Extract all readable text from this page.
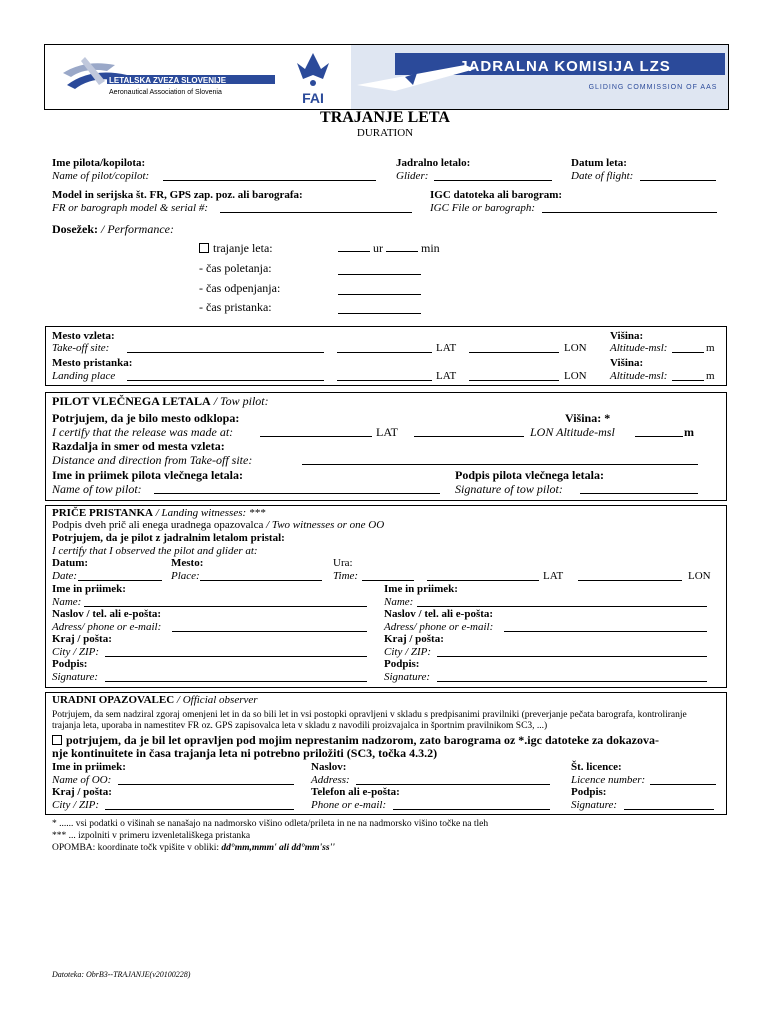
LETALSKA ZVEZA SLOVENIJE
Aeronautical Association of Slovenia	FAI
JADRALNA KOMISIJA LZS
GLIDING COMMISSION OF AAS
TRAJANJE LETA
DURATION
Ime pilota/kopilota:
Name of pilot/copilot:
Jadralno letalo:
Glider:
Datum leta:
Date of flight:
Model in serijska št. FR, GPS zap. poz. ali barografa:
FR or barograph model & serial #:
IGC datoteka ali barogram:
IGC File or barograph:
Dosežek: / Performance:
trajanje leta:	ur	min
- čas poletanja:
- čas odpenjanja:
- čas pristanka:
Mesto vzleta:
Take-off site:	LAT	LON
Višina:
Altitude-msl:	m
Mesto pristanka:
Landing place	LAT	LON
Višina:
Altitude-msl:	m
PILOT VLEČNEGA LETALA / Tow pilot:
Potrjujem, da je bilo mesto odklopa:	Višina: *
I certify that the release was made at:	LAT	LON Altitude-msl	m
Razdalja in smer od mesta vzleta:
Distance and direction from Take-off site:
Ime in priimek pilota vlečnega letala:	Podpis pilota vlečnega letala:
Name of tow pilot:	Signature of tow pilot:
PRIČE PRISTANKA / Landing witnesses: ***
Podpis dveh prič ali enega uradnega opazovalca / Two witnesses or one OO
Potrjujem, da je pilot z jadralnim letalom pristal:
I certify that I observed the pilot and glider at:
Datum:	Mesto:	Ura:
Date:	Place:	Time:	LAT	LON
Ime in priimek:
Name:
Naslov / tel. ali e-pošta:
Adress/ phone or e-mail:
Kraj / pošta:
City / ZIP:
Podpis:
Signature:
Ime in priimek:
Name:
Naslov / tel. ali e-pošta:
Adress/ phone or e-mail:
Kraj / pošta:
City / ZIP:
Podpis:
Signature:
URADNI OPAZOVALEC / Official observer
Potrjujem, da sem nadziral zgoraj omenjeni let in da so bili let in vsi postopki opravljeni v skladu s predpisanimi pravilniki (preverjanje pečata barografa, kontroliranje trajanja leta, uporaba in namestitev FR oz. GPS zapisovalca leta v skladu z navodili proizvajalca in športnim pravilnikom SC3, ...)
potrjujem, da je bil let opravljen pod mojim neprestanim nadzorom, zato barograma oz *.igc datoteke za dokazova-
nje kontinuitete in časa trajanja leta ni potrebno priložiti (SC3, točka 4.3.2)
Ime in priimek:
Name of OO:
Kraj / pošta:
City / ZIP:
Naslov:
Address:
Telefon ali e-pošta:
Phone or e-mail:
Št. licence:
Licence number:
Podpis:
Signature:
* ...... vsi podatki o višinah se nanašajo na nadmorsko višino odleta/prileta in ne na nadmorsko višino točke na tleh
*** ... izpolniti v primeru izvenletališkega pristanka
OPOMBA: koordinate točk vpišite v obliki: dd°mm,mmm' ali dd°mm'ss''
Datoteka: ObrB3--TRAJANJE(v20100228)
